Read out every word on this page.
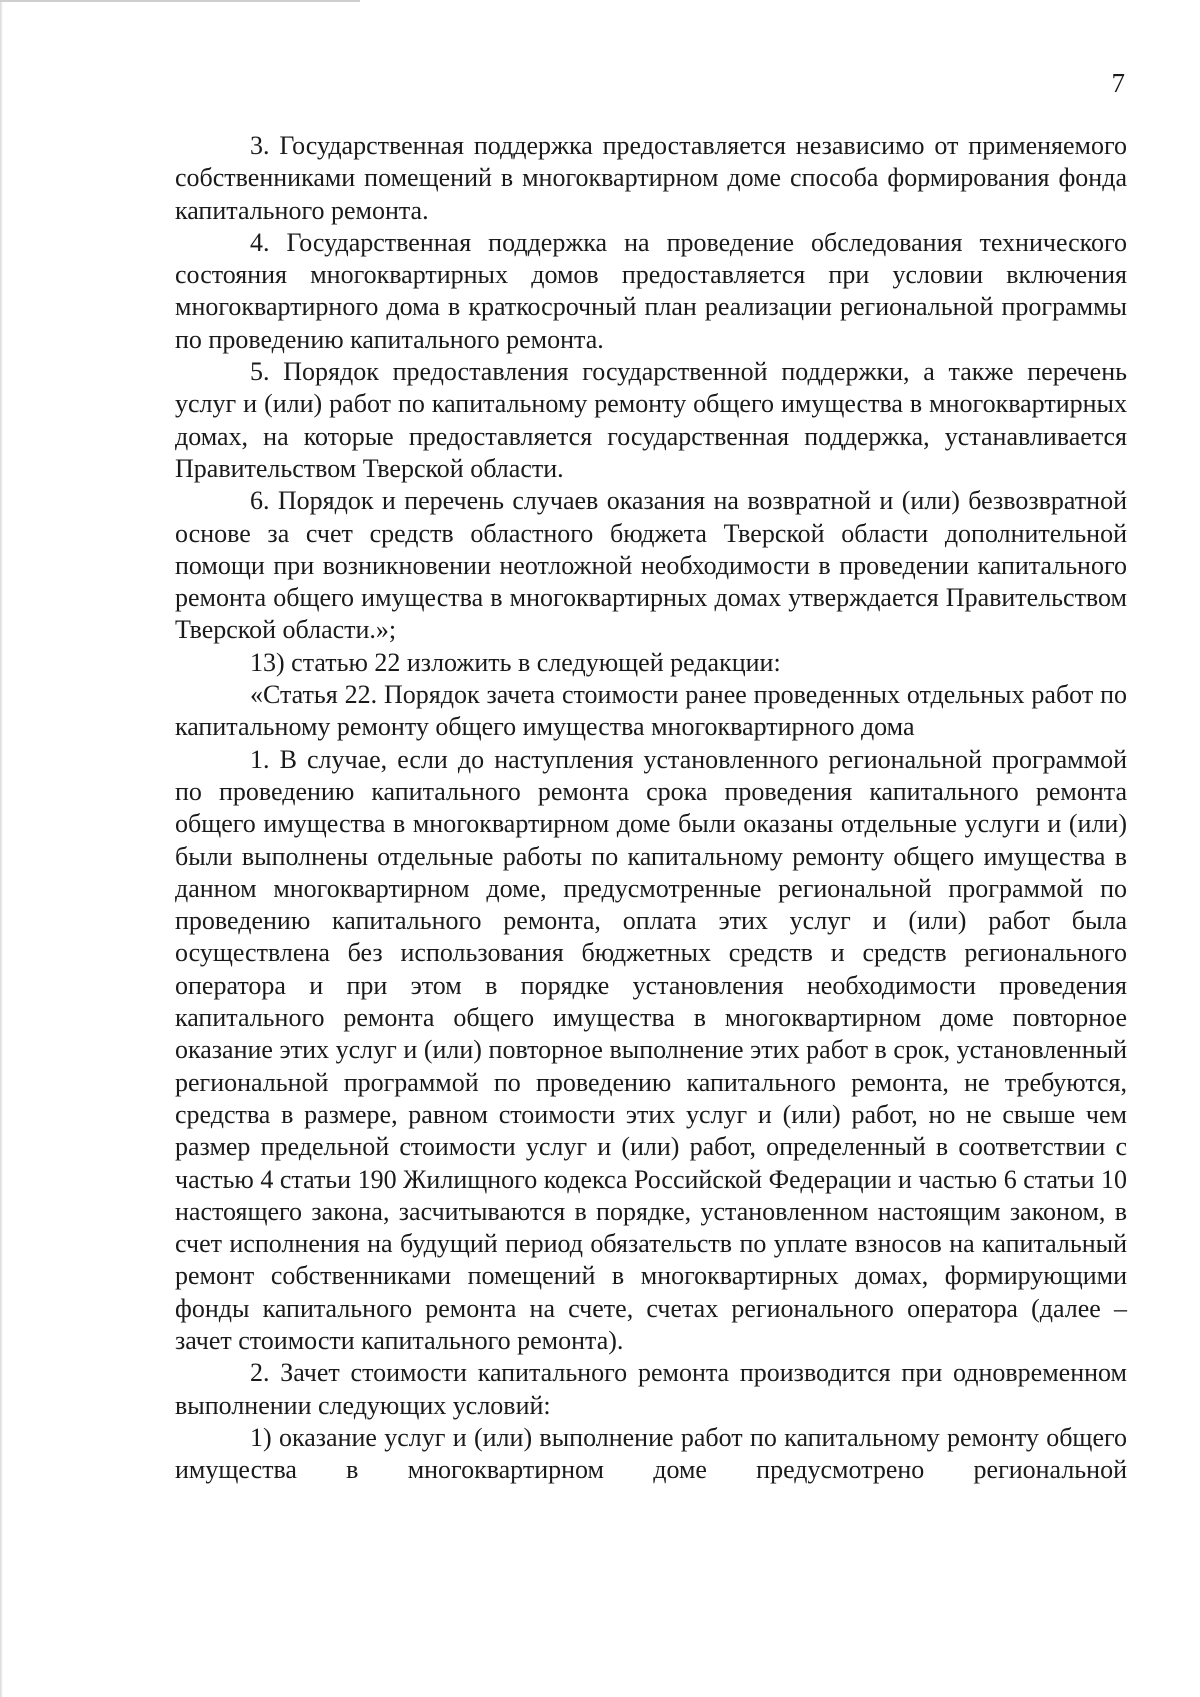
7

3. Государственная поддержка предоставляется независимо от применяемого собственниками помещений в многоквартирном доме способа формирования фонда капитального ремонта.

4. Государственная поддержка на проведение обследования технического состояния многоквартирных домов предоставляется при условии включения многоквартирного дома в краткосрочный план реализации региональной программы по проведению капитального ремонта.

5. Порядок предоставления государственной поддержки, а также перечень услуг и (или) работ по капитальному ремонту общего имущества в многоквартирных домах, на которые предоставляется государственная поддержка, устанавливается Правительством Тверской области.

6. Порядок и перечень случаев оказания на возвратной и (или) безвозвратной основе за счет средств областного бюджета Тверской области дополнительной помощи при возникновении неотложной необходимости в проведении капитального ремонта общего имущества в многоквартирных домах утверждается Правительством Тверской области.»;

13) статью 22 изложить в следующей редакции:

«Статья 22. Порядок зачета стоимости ранее проведенных отдельных работ по капитальному ремонту общего имущества многоквартирного дома

1. В случае, если до наступления установленного региональной программой по проведению капитального ремонта срока проведения капитального ремонта общего имущества в многоквартирном доме были оказаны отдельные услуги и (или) были выполнены отдельные работы по капитальному ремонту общего имущества в данном многоквартирном доме, предусмотренные региональной программой по проведению капитального ремонта, оплата этих услуг и (или) работ была осуществлена без использования бюджетных средств и средств регионального оператора и при этом в порядке установления необходимости проведения капитального ремонта общего имущества в многоквартирном доме повторное оказание этих услуг и (или) повторное выполнение этих работ в срок, установленный региональной программой по проведению капитального ремонта, не требуются, средства в размере, равном стоимости этих услуг и (или) работ, но не свыше чем размер предельной стоимости услуг и (или) работ, определенный в соответствии с частью 4 статьи 190 Жилищного кодекса Российской Федерации и частью 6 статьи 10 настоящего закона, засчитываются в порядке, установленном настоящим законом, в счет исполнения на будущий период обязательств по уплате взносов на капитальный ремонт собственниками помещений в многоквартирных домах, формирующими фонды капитального ремонта на счете, счетах регионального оператора (далее – зачет стоимости капитального ремонта).

2. Зачет стоимости капитального ремонта производится при одновременном выполнении следующих условий:

1) оказание услуг и (или) выполнение работ по капитальному ремонту общего имущества в многоквартирном доме предусмотрено региональной
